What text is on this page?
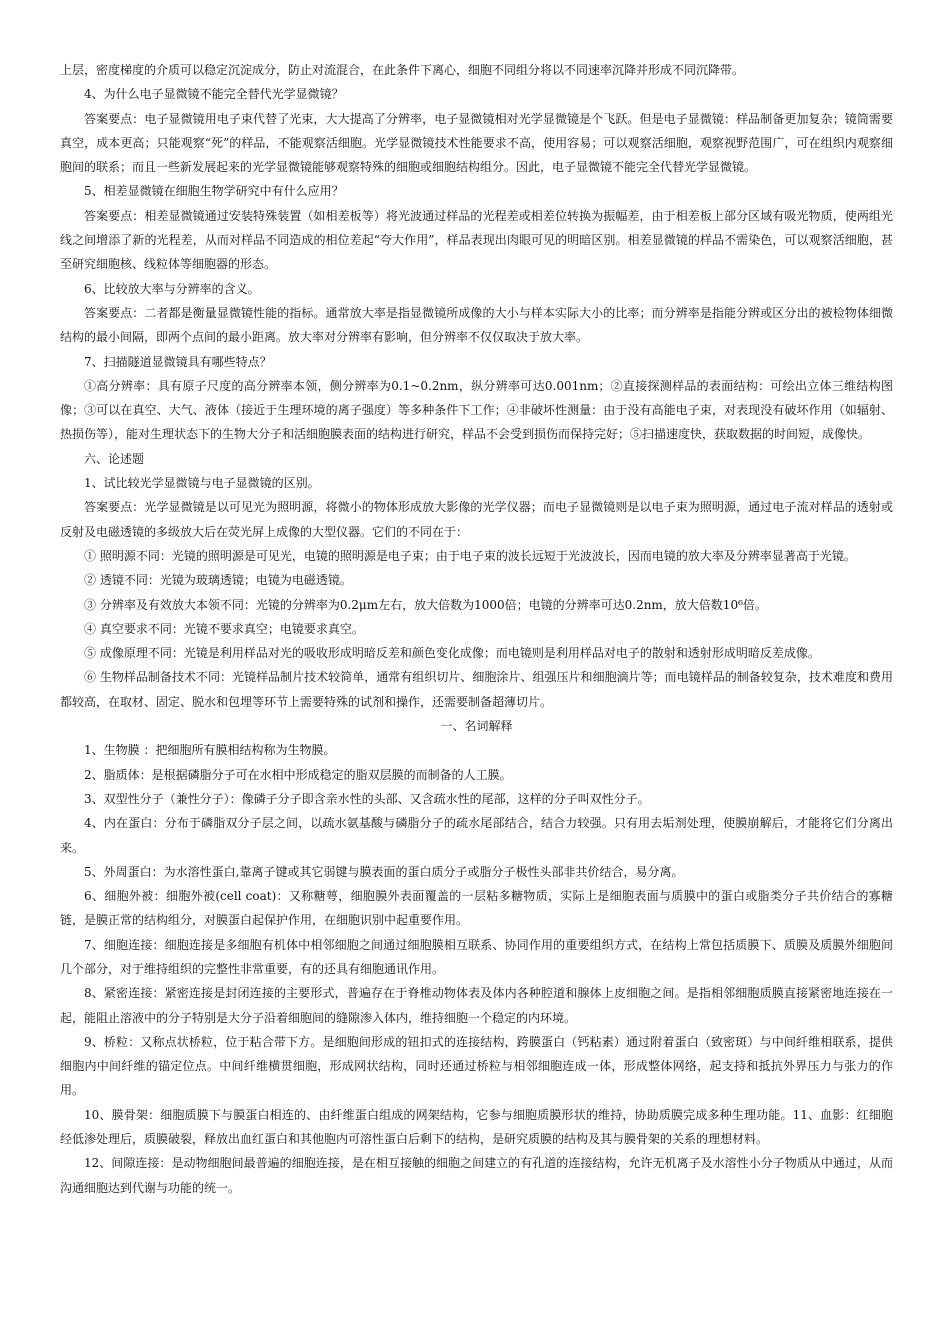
上层，密度梯度的介质可以稳定沉淀成分，防止对流混合，在此条件下离心，细胞不同组分将以不同速率沉降并形成不同沉降带。

4、为什么电子显微镜不能完全替代光学显微镜？

答案要点：电子显微镜用电子束代替了光束，大大提高了分辨率，电子显微镜相对光学显微镜是个飞跃。但是电子显微镜：样品制备更加复杂；镜筒需要真空，成本更高；只能观察“死”的样品，不能观察活细胞。光学显微镜技术性能要求不高，使用容易；可以观察活细胞，观察视野范围广，可在组织内观察细胞间的联系；而且一些新发展起来的光学显微镜能够观察特殊的细胞或细胞结构组分。因此，电子显微镜不能完全代替光学显微镜。

5、相差显微镜在细胞生物学研究中有什么应用？

答案要点：相差显微镜通过安装特殊装置（如相差板等）将光波通过样品的光程差或相差位转换为振幅差，由于相差板上部分区域有吸光物质，使两组光线之间增添了新的光程差，从而对样品不同造成的相位差起“夸大作用”，样品表现出肉眼可见的明暗区别。相差显微镜的样品不需染色，可以观察活细胞，甚至研究细胞核、线粒体等细胞器的形态。

6、比较放大率与分辨率的含义。

答案要点：二者都是衡量显微镜性能的指标。通常放大率是指显微镜所成像的大小与样本实际大小的比率；而分辨率是指能分辨或区分出的被检物体细微结构的最小间隔，即两个点间的最小距离。放大率对分辨率有影响，但分辨率不仅仅取决于放大率。

7、扫描隧道显微镜具有哪些特点？

①高分辨率：具有原子尺度的高分辨率本领，侧分辨率为0.1~0.2nm，纵分辨率可达0.001nm；②直接探测样品的表面结构：可绘出立体三维结构图像；③可以在真空、大气、液体（接近于生理环境的离子强度）等多种条件下工作；④非破坏性测量：由于没有高能电子束，对表现没有破坏作用（如辐射、热损伤等），能对生理状态下的生物大分子和活细胞膜表面的结构进行研究，样品不会受到损伤而保持完好；⑤扫描速度快，获取数据的时间短，成像快。

六、论述题

1、试比较光学显微镜与电子显微镜的区别。

答案要点：光学显微镜是以可见光为照明源，将微小的物体形成放大影像的光学仪器；而电子显微镜则是以电子束为照明源，通过电子流对样品的透射或反射及电磁透镜的多级放大后在荧光屏上成像的大型仪器。它们的不同在于：

① 照明源不同：光镜的照明源是可见光，电镜的照明源是电子束；由于电子束的波长远短于光波波长，因而电镜的放大率及分辨率显著高于光镜。

② 透镜不同：光镜为玻璃透镜；电镜为电磁透镜。

③ 分辨率及有效放大本领不同：光镜的分辨率为0.2μm左右，放大倍数为1000倍；电镜的分辨率可达0.2nm，放大倍数10⁶倍。

④ 真空要求不同：光镜不要求真空；电镜要求真空。

⑤ 成像原理不同：光镜是利用样品对光的吸收形成明暗反差和颜色变化成像；而电镜则是利用样品对电子的散射和透射形成明暗反差成像。

⑥ 生物样品制备技术不同：光镜样品制片技术较简单，通常有组织切片、细胞涂片、组强压片和细胞滴片等；而电镜样品的制备较复杂，技术难度和费用都较高，在取材、固定、脱水和包埋等环节上需要特殊的试剂和操作，还需要制备超薄切片。

一、名词解释

1、生物膜 ：把细胞所有膜相结构称为生物膜。

2、脂质体：是根据磷脂分子可在水相中形成稳定的脂双层膜的而制备的人工膜。

3、双型性分子（兼性分子）：像磷子分子即含亲水性的头部、又含疏水性的尾部，这样的分子叫双性分子。

4、内在蛋白：分布于磷脂双分子层之间，以疏水氨基酸与磷脂分子的疏水尾部结合，结合力较强。只有用去垢剂处理，使膜崩解后，才能将它们分离出来。

5、外周蛋白：为水溶性蛋白,靠离子键或其它弱键与膜表面的蛋白质分子或脂分子极性头部非共价结合，易分离。

6、细胞外被：细胞外被(cell coat)：又称糖萼，细胞膜外表面覆盖的一层粘多糖物质，实际上是细胞表面与质膜中的蛋白或脂类分子共价结合的寡糖链，是膜正常的结构组分，对膜蛋白起保护作用，在细胞识别中起重要作用。

7、细胞连接：细胞连接是多细胞有机体中相邻细胞之间通过细胞膜相互联系、协同作用的重要组织方式，在结构上常包括质膜下、质膜及质膜外细胞间几个部分，对于维持组织的完整性非常重要，有的还具有细胞通讯作用。

8、紧密连接：紧密连接是封闭连接的主要形式，普遍存在于脊椎动物体表及体内各种腔道和腺体上皮细胞之间。是指相邻细胞质膜直接紧密地连接在一起，能阻止溶液中的分子特别是大分子沿着细胞间的缝隙渗入体内，维持细胞一个稳定的内环境。

9、桥粒：又称点状桥粒，位于粘合带下方。是细胞间形成的钮扣式的连接结构，跨膜蛋白（钙粘素）通过附着蛋白（致密斑）与中间纤维相联系，提供细胞内中间纤维的锚定位点。中间纤维横贯细胞，形成网状结构，同时还通过桥粒与相邻细胞连成一体，形成整体网络，起支持和抵抗外界压力与张力的作用。

10、膜骨架：细胞质膜下与膜蛋白相连的、由纤维蛋白组成的网架结构，它参与细胞质膜形状的维持，协助质膜完成多种生理功能。11、血影：红细胞经低渗处理后，质膜破裂，释放出血红蛋白和其他胞内可溶性蛋白后剩下的结构，是研究质膜的结构及其与膜骨架的关系的理想材料。

12、间隙连接：是动物细胞间最普遍的细胞连接，是在相互接触的细胞之间建立的有孔道的连接结构，允许无机离子及水溶性小分子物质从中通过，从而沟通细胞达到代谢与功能的统一。
